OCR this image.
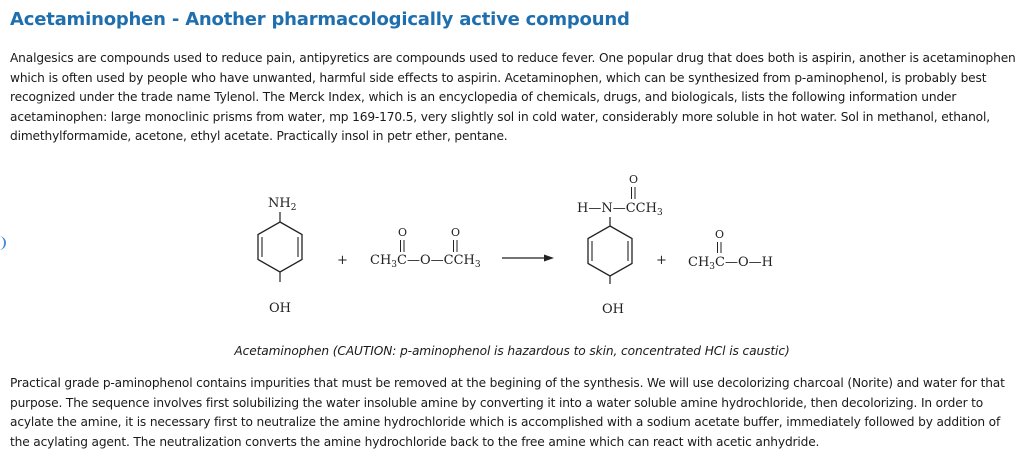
Acetaminophen - Another pharmacologically active compound

Analgesics are compounds used to reduce pain, antipyretics are compounds used to reduce fever. One popular drug that does both is aspirin, another is acetaminophen which is often used by people who have unwanted, harmful side effects to aspirin. Acetaminophen, which can be synthesized from p-aminophenol, is probably best recognized under the trade name Tylenol. The Merck Index, which is an encyclopedia of chemicals, drugs, and biologicals, lists the following information under acetaminophen: large monoclinic prisms from water, mp 169-170.5, very slightly sol in cold water, considerably more soluble in hot water. Sol in methanol, ethanol, dimethylformamide, acetone, ethyl acetate. Practically insol in petr ether, pentane.

$NH_2$
OH
+
O	O
$CH_3C—O—CCH_3$
O
$H—N—CCH_3$
OH
+
O
$CH_3C—O—H$

Acetaminophen (CAUTION: p-aminophenol is hazardous to skin, concentrated HCl is caustic)

Practical grade p-aminophenol contains impurities that must be removed at the begining of the synthesis. We will use decolorizing charcoal (Norite) and water for that purpose. The sequence involves first solubilizing the water insoluble amine by converting it into a water soluble amine hydrochloride, then decolorizing. In order to acylate the amine, it is necessary first to neutralize the amine hydrochloride which is accomplished with a sodium acetate buffer, immediately followed by addition of the acylating agent. The neutralization converts the amine hydrochloride back to the free amine which can react with acetic anhydride.
